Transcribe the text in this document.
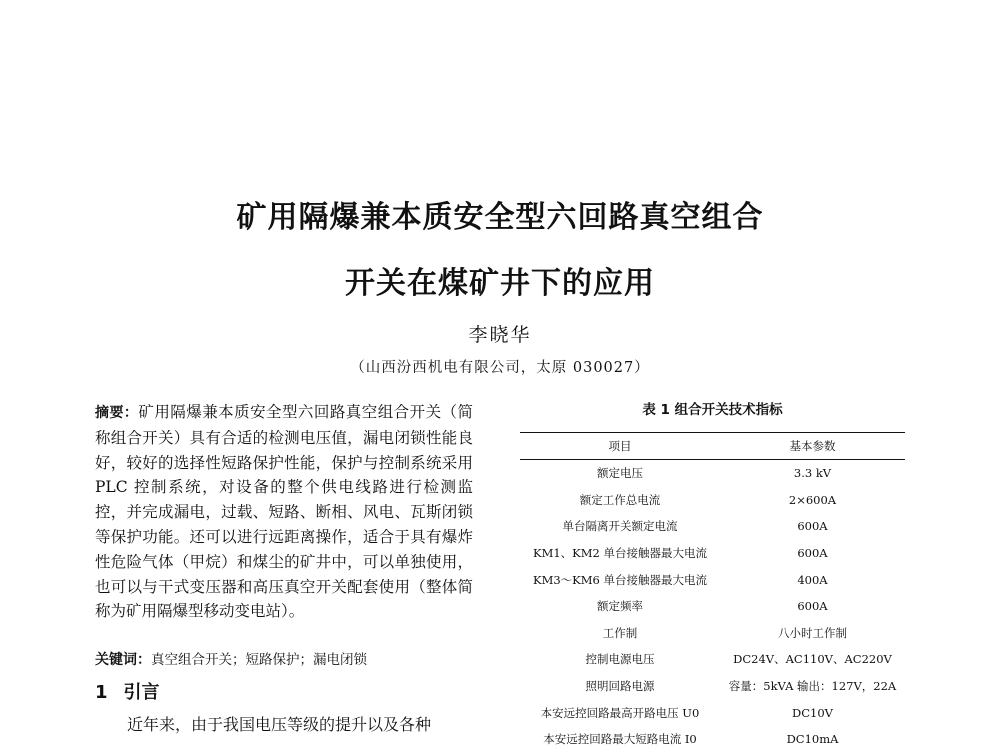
矿用隔爆兼本质安全型六回路真空组合
开关在煤矿井下的应用
李晓华
（山西汾西机电有限公司，太原 030027）

摘要：矿用隔爆兼本质安全型六回路真空组合开关（简称组合开关）具有合适的检测电压值，漏电闭锁性能良好，较好的选择性短路保护性能，保护与控制系统采用 PLC 控制系统，对设备的整个供电线路进行检测监控，并完成漏电，过载、短路、断相、风电、瓦斯闭锁等保护功能。还可以进行远距离操作，适合于具有爆炸性危险气体（甲烷）和煤尘的矿井中，可以单独使用，也可以与干式变压器和高压真空开关配套使用（整体简称为矿用隔爆型移动变电站）。

关键词：真空组合开关；短路保护；漏电闭锁

1 引言

近年来，由于我国电压等级的提升以及各种

表 1 组合开关技术指标

项目	基本参数
额定电压	3.3 kV
额定工作总电流	2×600A
单台隔离开关额定电流	600A
KM1、KM2 单台接触器最大电流	600A
KM3～KM6 单台接触器最大电流	400A
额定频率	600A
工作制	八小时工作制
控制电源电压	DC24V、AC110V、AC220V
照明回路电源	容量：5kVA 输出：127V，22A
本安远控回路最高开路电压 U0	DC10V
本安远控回路最大短路电流 I0	DC10mA
